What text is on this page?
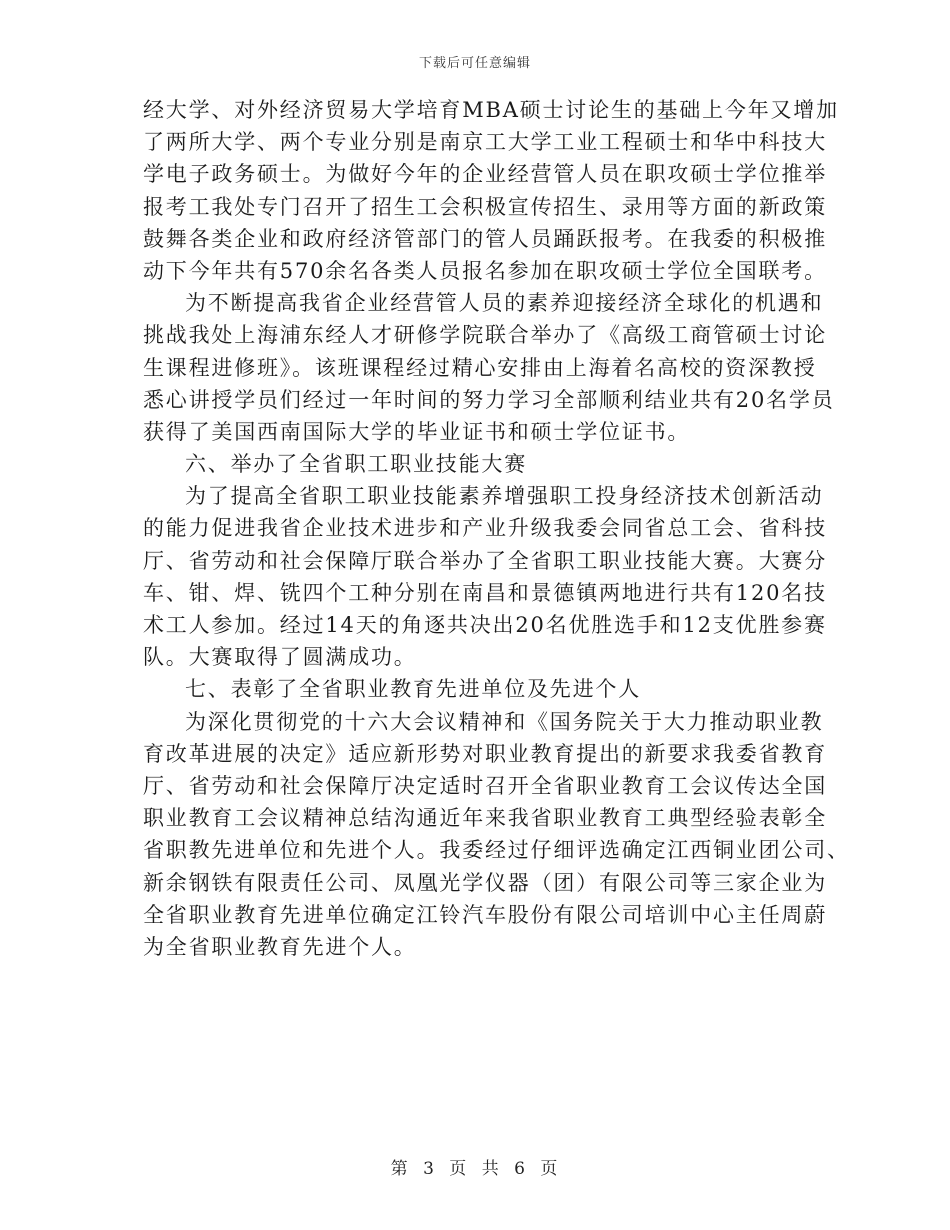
下载后可任意编辑
经大学、对外经济贸易大学培育MBA硕士讨论生的基础上今年又增加
了两所大学、两个专业分别是南京工大学工业工程硕士和华中科技大
学电子政务硕士。为做好今年的企业经营管人员在职攻硕士学位推举
报考工我处专门召开了招生工会积极宣传招生、录用等方面的新政策
鼓舞各类企业和政府经济管部门的管人员踊跃报考。在我委的积极推
动下今年共有570余名各类人员报名参加在职攻硕士学位全国联考。
为不断提高我省企业经营管人员的素养迎接经济全球化的机遇和
挑战我处上海浦东经人才研修学院联合举办了《高级工商管硕士讨论
生课程进修班》。该班课程经过精心安排由上海着名高校的资深教授
悉心讲授学员们经过一年时间的努力学习全部顺利结业共有20名学员
获得了美国西南国际大学的毕业证书和硕士学位证书。
六、举办了全省职工职业技能大赛
为了提高全省职工职业技能素养增强职工投身经济技术创新活动
的能力促进我省企业技术进步和产业升级我委会同省总工会、省科技
厅、省劳动和社会保障厅联合举办了全省职工职业技能大赛。大赛分
车、钳、焊、铣四个工种分别在南昌和景德镇两地进行共有120名技
术工人参加。经过14天的角逐共决出20名优胜选手和12支优胜参赛
队。大赛取得了圆满成功。
七、表彰了全省职业教育先进单位及先进个人
为深化贯彻党的十六大会议精神和《国务院关于大力推动职业教
育改革进展的决定》适应新形势对职业教育提出的新要求我委省教育
厅、省劳动和社会保障厅决定适时召开全省职业教育工会议传达全国
职业教育工会议精神总结沟通近年来我省职业教育工典型经验表彰全
省职教先进单位和先进个人。我委经过仔细评选确定江西铜业团公司、
新余钢铁有限责任公司、凤凰光学仪器（团）有限公司等三家企业为
全省职业教育先进单位确定江铃汽车股份有限公司培训中心主任周蔚
为全省职业教育先进个人。
第 3 页 共 6 页
